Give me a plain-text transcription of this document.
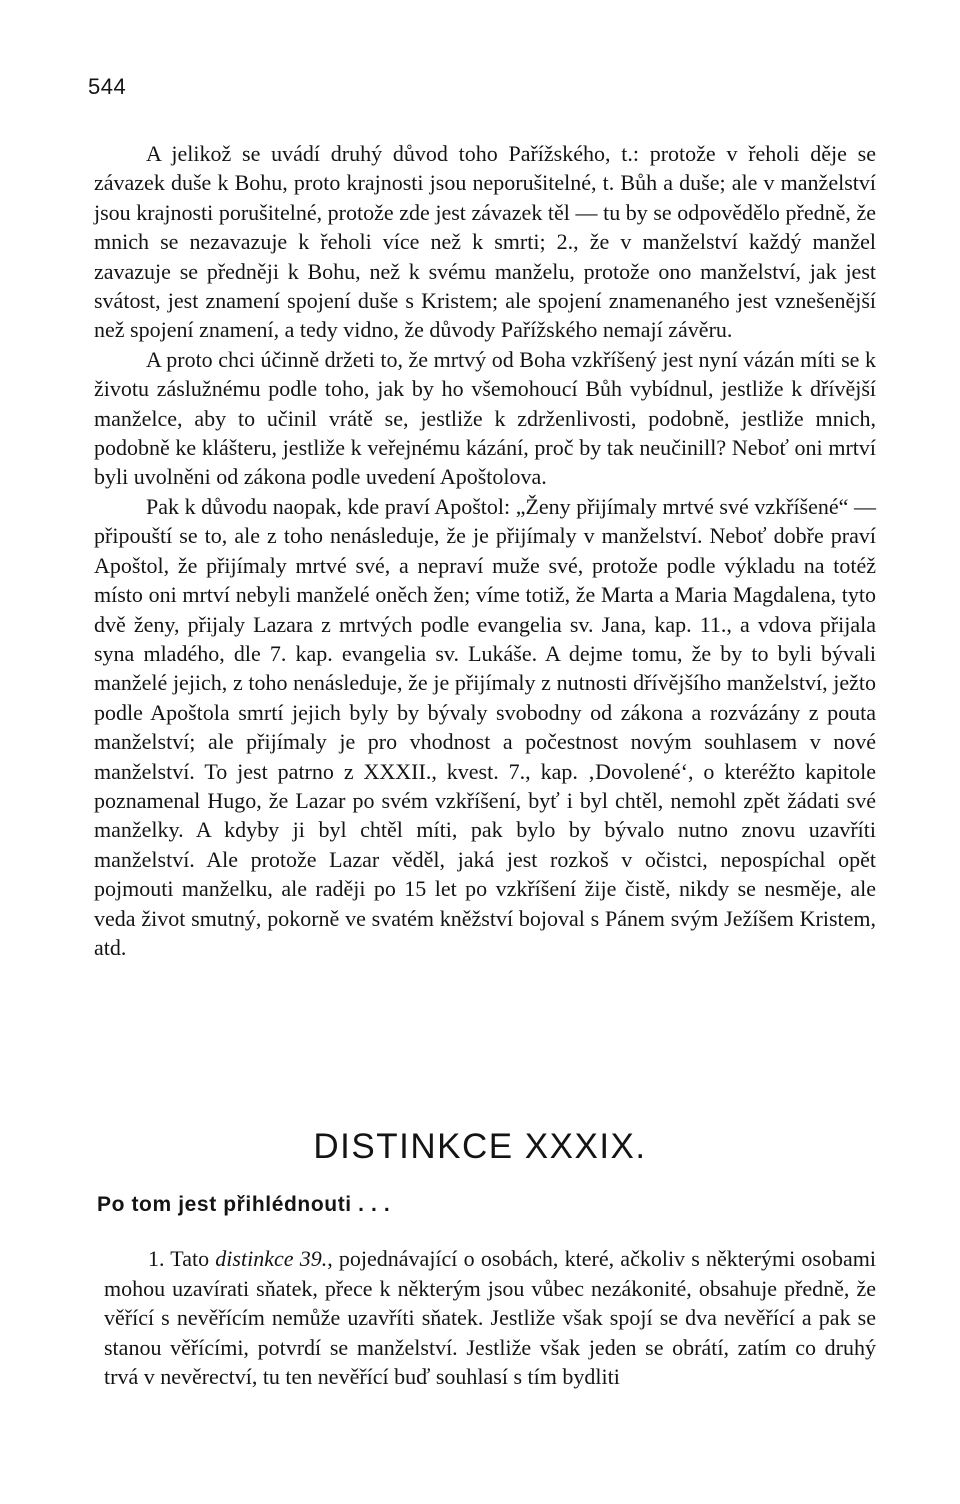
544

A jelikož se uvádí druhý důvod toho Pařížského, t.: protože v řeholi děje se závazek duše k Bohu, proto krajnosti jsou neporušitelné, t. Bůh a duše; ale v manželství jsou krajnosti porušitelné, protože zde jest závazek těl — tu by se odpovědělo předně, že mnich se nezavazuje k řeholi více než k smrti; 2., že v manželství každý manžel zavazuje se předněji k Bohu, než k svému manželu, protože ono manželství, jak jest svátost, jest znamení spojení duše s Kristem; ale spojení znamenaného jest vznešenější než spojení znamení, a tedy vidno, že důvody Pařížského nemají závěru.

A proto chci účinně držeti to, že mrtvý od Boha vzkříšený jest nyní vázán míti se k životu záslužnému podle toho, jak by ho všemohoucí Bůh vybídnul, jestliže k dřívější manželce, aby to učinil vrátě se, jestliže k zdrženlivosti, podobně, jestliže mnich, podobně ke klášteru, jestliže k veřejnému kázání, proč by tak neučinill? Neboť oni mrtví byli uvolněni od zákona podle uvedení Apoštolova.

Pak k důvodu naopak, kde praví Apoštol: „Ženy přijímaly mrtvé své vzkříšené“ — připouští se to, ale z toho nenásleduje, že je přijímaly v manželství. Neboť dobře praví Apoštol, že přijímaly mrtvé své, a nepraví muže své, protože podle výkladu na totéž místo oni mrtví nebyli manželé oněch žen; víme totiž, že Marta a Maria Magdalena, tyto dvě ženy, přijaly Lazara z mrtvých podle evangelia sv. Jana, kap. 11., a vdova přijala syna mladého, dle 7. kap. evangelia sv. Lukáše. A dejme tomu, že by to byli bývali manželé jejich, z toho nenásleduje, že je přijímaly z nutnosti dřívějšího manželství, ježto podle Apoštola smrtí jejich byly by bývaly svobodny od zákona a rozvázány z pouta manželství; ale přijímaly je pro vhodnost a počestnost novým souhlasem v nové manželství. To jest patrno z XXXII., kvest. 7., kap. ‚Dovolené‘, o kteréžto kapitole poznamenal Hugo, že Lazar po svém vzkříšení, byť i byl chtěl, nemohl zpět žádati své manželky. A kdyby ji byl chtěl míti, pak bylo by bývalo nutno znovu uzavříti manželství. Ale protože Lazar věděl, jaká jest rozkoš v očistci, nepospíchal opět pojmouti manželku, ale raději po 15 let po vzkříšení žije čistě, nikdy se nesměje, ale veda život smutný, pokorně ve svatém kněžství bojoval s Pánem svým Ježíšem Kristem, atd.

DISTINKCE XXXIX.
Po tom jest přihlédnouti . . .

1. Tato distinkce 39., pojednávající o osobách, které, ačkoliv s některými osobami mohou uzavírati sňatek, přece k některým jsou vůbec nezákonité, obsahuje předně, že věřící s nevěřícím nemůže uzavříti sňatek. Jestliže však spojí se dva nevěřící a pak se stanou věřícími, potvrdí se manželství. Jestliže však jeden se obrátí, zatím co druhý trvá v nevěrectví, tu ten nevěřící buď souhlasí s tím bydliti
